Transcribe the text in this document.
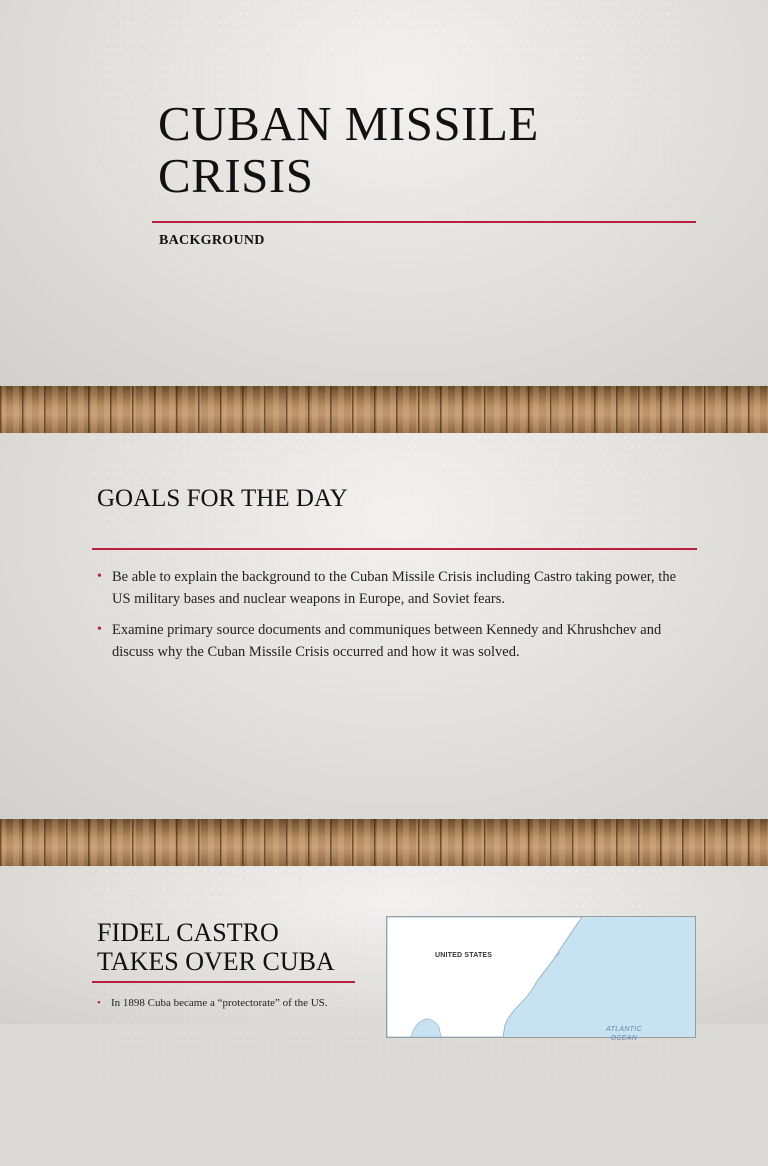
CUBAN MISSILE
CRISIS

BACKGROUND

GOALS FOR THE DAY
• Be able to explain the background to the Cuban Missile Crisis including Castro taking power, the US military bases and nuclear weapons in Europe, and Soviet fears.
• Examine primary source documents and communiques between Kennedy and Khrushchev and discuss why the Cuban Missile Crisis occurred and how it was solved.
FIDEL CASTRO
TAKES OVER CUBA
• In 1898 Cuba became a “protectorate” of the US.
UNITED STATES
ATLANTIC
OCEAN
